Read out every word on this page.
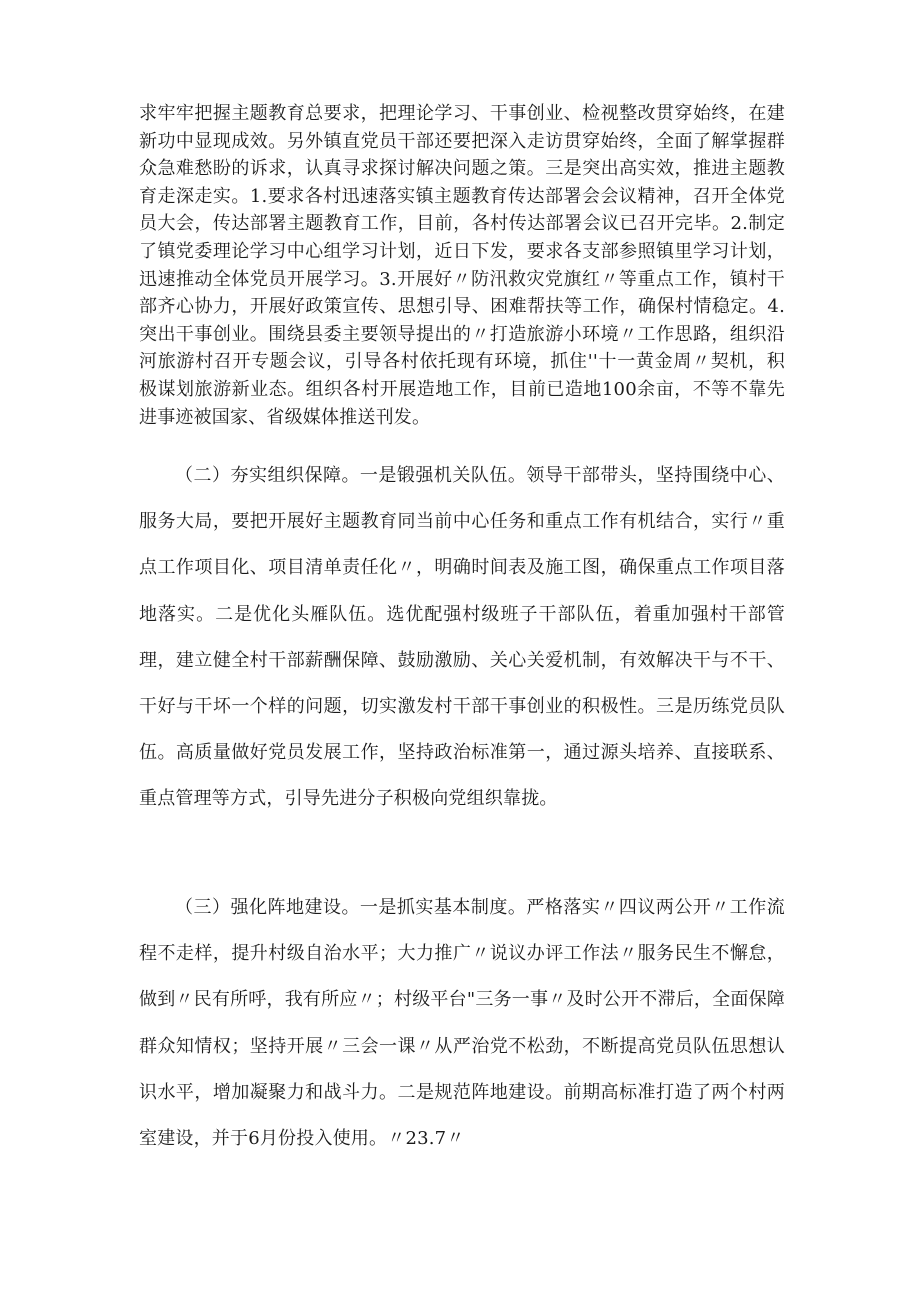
求牢牢把握主题教育总要求，把理论学习、干事创业、检视整改贯穿始终，在建新功中显现成效。另外镇直党员干部还要把深入走访贯穿始终，全面了解掌握群众急难愁盼的诉求，认真寻求探讨解决问题之策。三是突出高实效，推进主题教育走深走实。1.要求各村迅速落实镇主题教育传达部署会会议精神，召开全体党员大会，传达部署主题教育工作，目前，各村传达部署会议已召开完毕。2.制定了镇党委理论学习中心组学习计划，近日下发，要求各支部参照镇里学习计划，迅速推动全体党员开展学习。3.开展好〃防汛救灾党旗红〃等重点工作，镇村干部齐心协力，开展好政策宣传、思想引导、困难帮扶等工作，确保村情稳定。4.突出干事创业。围绕县委主要领导提出的〃打造旅游小环境〃工作思路，组织沿河旅游村召开专题会议，引导各村依托现有环境，抓住''十一黄金周〃契机，积极谋划旅游新业态。组织各村开展造地工作，目前已造地100余亩，不等不靠先进事迹被国家、省级媒体推送刊发。

（二）夯实组织保障。一是锻强机关队伍。领导干部带头，坚持围绕中心、服务大局，要把开展好主题教育同当前中心任务和重点工作有机结合，实行〃重点工作项目化、项目清单责任化〃，明确时间表及施工图，确保重点工作项目落地落实。二是优化头雁队伍。选优配强村级班子干部队伍，着重加强村干部管理，建立健全村干部薪酬保障、鼓励激励、关心关爱机制，有效解决干与不干、干好与干坏一个样的问题，切实激发村干部干事创业的积极性。三是历练党员队伍。高质量做好党员发展工作，坚持政治标准第一，通过源头培养、直接联系、重点管理等方式，引导先进分子积极向党组织靠拢。

（三）强化阵地建设。一是抓实基本制度。严格落实〃四议两公开〃工作流程不走样，提升村级自治水平；大力推广〃说议办评工作法〃服务民生不懈怠，做到〃民有所呼，我有所应〃；村级平台"三务一事〃及时公开不滞后，全面保障群众知情权；坚持开展〃三会一课〃从严治党不松劲，不断提高党员队伍思想认识水平，增加凝聚力和战斗力。二是规范阵地建设。前期高标准打造了两个村两室建设，并于6月份投入使用。〃23.7〃
